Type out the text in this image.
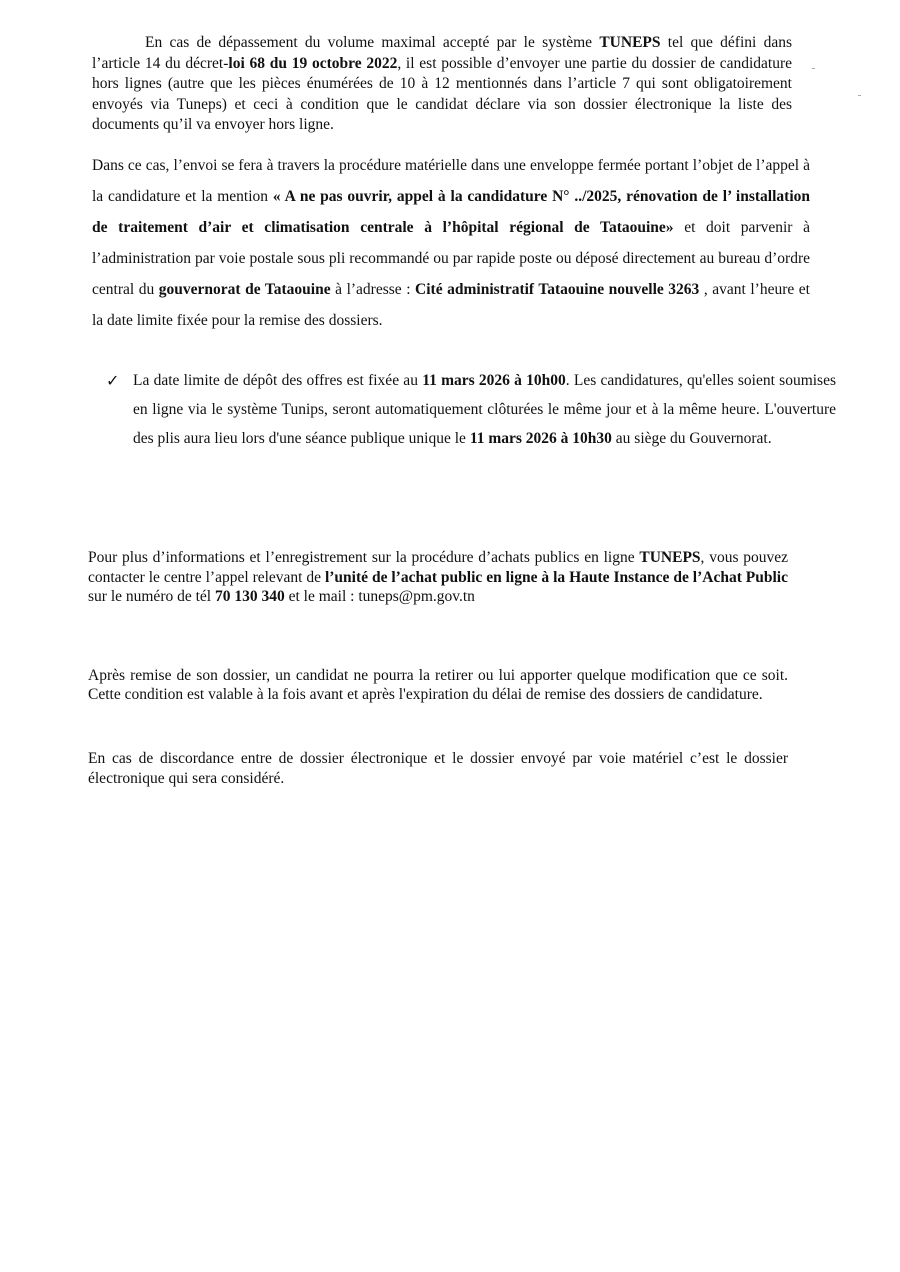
En cas de dépassement du volume maximal accepté par le système TUNEPS tel que défini dans l’article 14 du décret-loi 68 du 19 octobre 2022, il est possible d’envoyer une partie du dossier de candidature hors lignes (autre que les pièces énumérées de 10 à 12 mentionnés dans l’article 7 qui sont obligatoirement envoyés via Tuneps) et ceci à condition que le candidat déclare via son dossier électronique la liste des documents qu’il va envoyer hors ligne.

Dans ce cas, l’envoi se fera à travers la procédure matérielle dans une enveloppe fermée portant l’objet de l’appel à la candidature et la mention « A ne pas ouvrir, appel à la candidature N° ../2025, rénovation de l’ installation de traitement d’air et climatisation centrale à l’hôpital régional de Tataouine» et doit parvenir à l’administration par voie postale sous pli recommandé ou par rapide poste ou déposé directement au bureau d’ordre central du gouvernorat de Tataouine à l’adresse : Cité administratif Tataouine nouvelle 3263 , avant l’heure et la date limite fixée pour la remise des dossiers.

✓ La date limite de dépôt des offres est fixée au 11 mars 2026 à 10h00. Les candidatures, qu'elles soient soumises en ligne via le système Tunips, seront automatiquement clôturées le même jour et à la même heure. L'ouverture des plis aura lieu lors d'une séance publique unique le 11 mars 2026 à 10h30 au siège du Gouvernorat.

Pour plus d’informations et l’enregistrement sur la procédure d’achats publics en ligne TUNEPS, vous pouvez contacter le centre l’appel relevant de l’unité de l’achat public en ligne à la Haute Instance de l’Achat Public sur le numéro de tél 70 130 340 et le mail : tuneps@pm.gov.tn

Après remise de son dossier, un candidat ne pourra la retirer ou lui apporter quelque modification que ce soit. Cette condition est valable à la fois avant et après l'expiration du délai de remise des dossiers de candidature.

En cas de discordance entre de dossier électronique et le dossier envoyé par voie matériel c’est le dossier électronique qui sera considéré.
